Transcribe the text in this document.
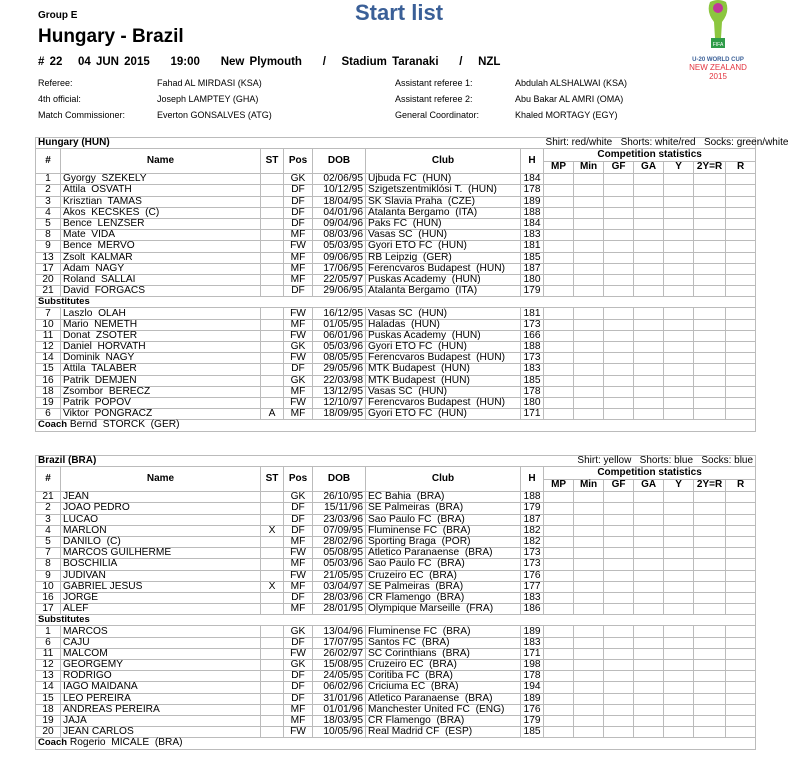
Group E	Start list
Hungary - Brazil
# 22   04 JUN 2015    19:00    New Plymouth    /   Stadium Taranaki    /   NZL
FIFA
U-20 WORLD CUP
NEW ZEALAND 2015
Referee:	Fahad AL MIRDASI (KSA)
4th official:	Joseph LAMPTEY (GHA)
Match Commissioner:	Everton GONSALVES (ATG)
Assistant referee 1:	Abdulah ALSHALWAI (KSA)
Assistant referee 2:	Abu Bakar AL AMRI (OMA)
General Coordinator:	Khaled MORTAGY (EGY)
Hungary (HUN)							Shirt: red/white   Shorts: white/red   Socks: green/white						
#	Name	ST	Pos	DOB	Club	H	Competition statistics						
							MP	Min	GF	GA	Y	2Y=R	R
1	Gyorgy  SZEKELY		GK	02/06/95	Ujbuda FC  (HUN)	184							
2	Attila  OSVATH		DF	10/12/95	Szigetszentmiklósi T.  (HUN)	178							
3	Krisztian  TAMAS		DF	18/04/95	SK Slavia Praha  (CZE)	189							
4	Akos  KECSKES  (C)		DF	04/01/96	Atalanta Bergamo  (ITA)	188							
5	Bence  LENZSER		DF	09/04/96	Paks FC  (HUN)	184							
8	Mate  VIDA		MF	08/03/96	Vasas SC  (HUN)	183							
9	Bence  MERVO		FW	05/03/95	Gyori ETO FC  (HUN)	181							
13	Zsolt  KALMAR		MF	09/06/95	RB Leipzig  (GER)	185							
17	Adam  NAGY		MF	17/06/95	Ferencvaros Budapest  (HUN)	187							
20	Roland  SALLAI		MF	22/05/97	Puskas Academy  (HUN)	180							
21	David  FORGACS		DF	29/06/95	Atalanta Bergamo  (ITA)	179							
Substitutes													
7	Laszlo  OLAH		FW	16/12/95	Vasas SC  (HUN)	181							
10	Mario  NEMETH		MF	01/05/95	Haladas  (HUN)	173							
11	Donat  ZSOTER		FW	06/01/96	Puskas Academy  (HUN)	166							
12	Daniel  HORVATH		GK	05/03/96	Gyori ETO FC  (HUN)	188							
14	Dominik  NAGY		FW	08/05/95	Ferencvaros Budapest  (HUN)	173							
15	Attila  TALABER		DF	29/05/96	MTK Budapest  (HUN)	183							
16	Patrik  DEMJEN		GK	22/03/98	MTK Budapest  (HUN)	185							
18	Zsombor  BERECZ		MF	13/12/95	Vasas SC  (HUN)	178							
19	Patrik  POPOV		FW	12/10/97	Ferencvaros Budapest  (HUN)	180							
6	Viktor  PONGRACZ	A	MF	18/09/95	Gyori ETO FC  (HUN)	171							
Coach Bernd  STORCK  (GER)													
Brazil (BRA)							Shirt: yellow   Shorts: blue   Socks: blue						
#	Name	ST	Pos	DOB	Club	H	Competition statistics						
							MP	Min	GF	GA	Y	2Y=R	R
21	JEAN		GK	26/10/95	EC Bahia  (BRA)	188							
2	JOAO PEDRO		DF	15/11/96	SE Palmeiras  (BRA)	179							
3	LUCAO		DF	23/03/96	Sao Paulo FC  (BRA)	187							
4	MARLON	X	DF	07/09/95	Fluminense FC  (BRA)	182							
5	DANILO  (C)		MF	28/02/96	Sporting Braga  (POR)	182							
7	MARCOS GUILHERME		FW	05/08/95	Atletico Paranaense  (BRA)	173							
8	BOSCHILIA		MF	05/03/96	Sao Paulo FC  (BRA)	173							
9	JUDIVAN		FW	21/05/95	Cruzeiro EC  (BRA)	176							
10	GABRIEL JESUS	X	MF	03/04/97	SE Palmeiras  (BRA)	177							
16	JORGE		DF	28/03/96	CR Flamengo  (BRA)	183							
17	ALEF		MF	28/01/95	Olympique Marseille  (FRA)	186							
Substitutes													
1	MARCOS		GK	13/04/96	Fluminense FC  (BRA)	189							
6	CAJU		DF	17/07/95	Santos FC  (BRA)	183							
11	MALCOM		FW	26/02/97	SC Corinthians  (BRA)	171							
12	GEORGEMY		GK	15/08/95	Cruzeiro EC  (BRA)	198							
13	RODRIGO		DF	24/05/95	Coritiba FC  (BRA)	178							
14	IAGO MAIDANA		DF	06/02/96	Criciuma EC  (BRA)	194							
15	LEO PEREIRA		DF	31/01/96	Atletico Paranaense  (BRA)	189							
18	ANDREAS PEREIRA		MF	01/01/96	Manchester United FC  (ENG)	176							
19	JAJA		MF	18/03/95	CR Flamengo  (BRA)	179							
20	JEAN CARLOS		FW	10/05/96	Real Madrid CF  (ESP)	185							
Coach Rogerio  MICALE  (BRA)													
